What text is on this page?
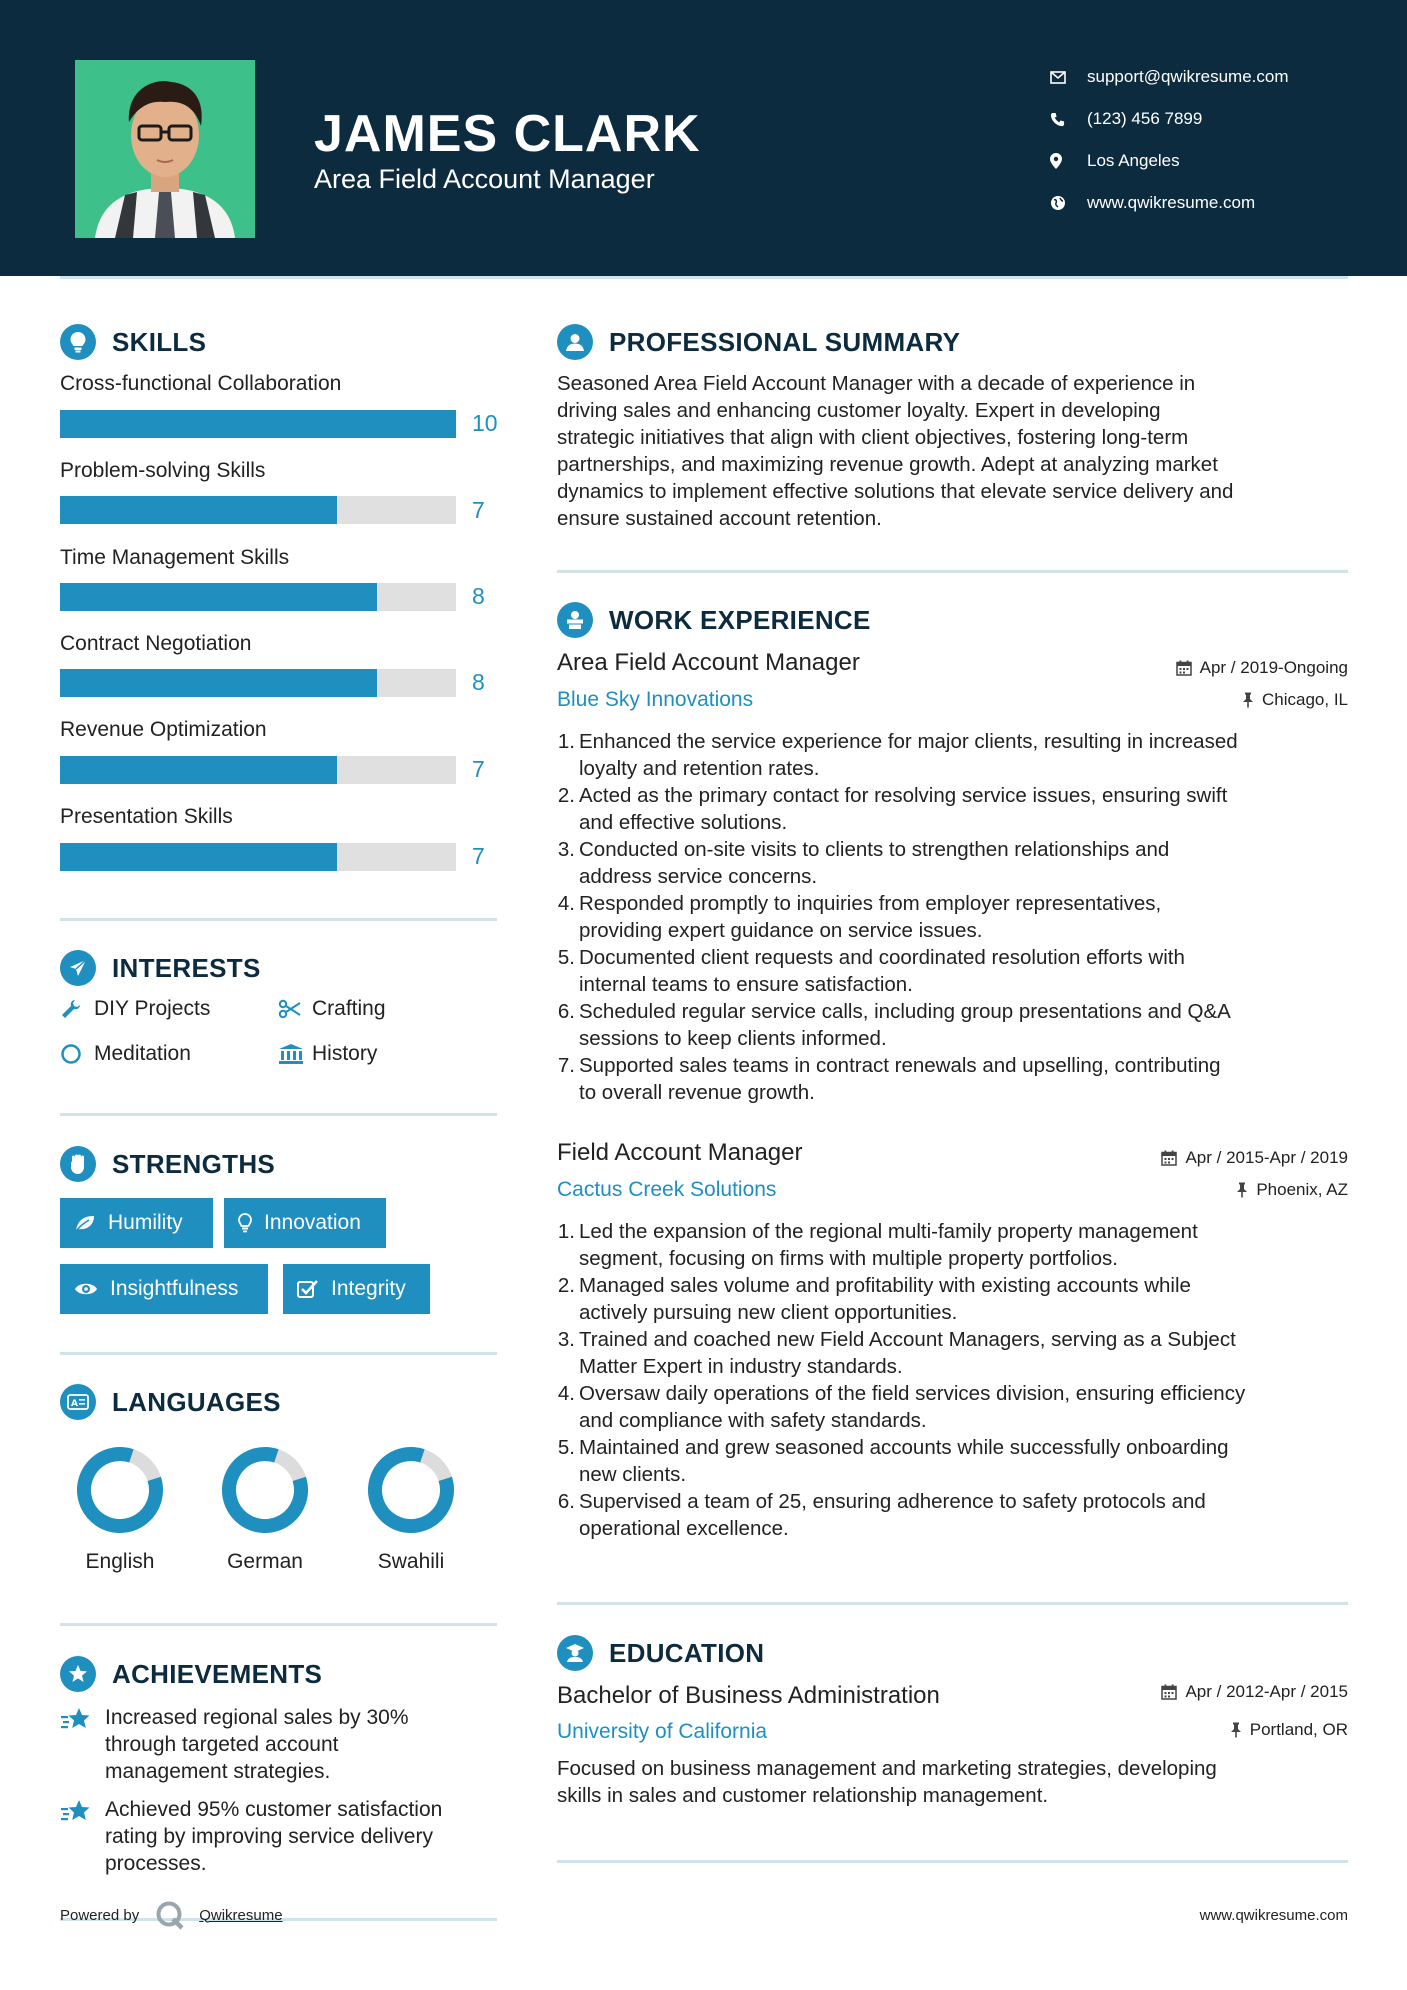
JAMES CLARK
Area Field Account Manager
support@qwikresume.com
(123) 456 7899
Los Angeles
www.qwikresume.com
SKILLS
Cross-functional Collaboration
10
Problem-solving Skills
7
Time Management Skills
8
Contract Negotiation
8
Revenue Optimization
7
Presentation Skills
7
INTERESTS
DIY Projects	Crafting
Meditation	History
STRENGTHS
Humility	Innovation
Insightfulness	Integrity
A LANGUAGES
English	German	Swahili
ACHIEVEMENTS
Increased regional sales by 30%
through targeted account
management strategies.
Achieved 95% customer satisfaction
rating by improving service delivery
processes.
PROFESSIONAL SUMMARY
Seasoned Area Field Account Manager with a decade of experience in
driving sales and enhancing customer loyalty. Expert in developing
strategic initiatives that align with client objectives, fostering long-term
partnerships, and maximizing revenue growth. Adept at analyzing market
dynamics to implement effective solutions that elevate service delivery and
ensure sustained account retention.
WORK EXPERIENCE
Area Field Account Manager	Apr / 2019-Ongoing
Blue Sky Innovations	Chicago, IL
1. Enhanced the service experience for major clients, resulting in increased
loyalty and retention rates.
2. Acted as the primary contact for resolving service issues, ensuring swift
and effective solutions.
3. Conducted on-site visits to clients to strengthen relationships and
address service concerns.
4. Responded promptly to inquiries from employer representatives,
providing expert guidance on service issues.
5. Documented client requests and coordinated resolution efforts with
internal teams to ensure satisfaction.
6. Scheduled regular service calls, including group presentations and Q&A
sessions to keep clients informed.
7. Supported sales teams in contract renewals and upselling, contributing
to overall revenue growth.
Field Account Manager	Apr / 2015-Apr / 2019
Cactus Creek Solutions	Phoenix, AZ
1. Led the expansion of the regional multi-family property management
segment, focusing on firms with multiple property portfolios.
2. Managed sales volume and profitability with existing accounts while
actively pursuing new client opportunities.
3. Trained and coached new Field Account Managers, serving as a Subject
Matter Expert in industry standards.
4. Oversaw daily operations of the field services division, ensuring efficiency
and compliance with safety standards.
5. Maintained and grew seasoned accounts while successfully onboarding
new clients.
6. Supervised a team of 25, ensuring adherence to safety protocols and
operational excellence.
EDUCATION
Bachelor of Business Administration	Apr / 2012-Apr / 2015
University of California	Portland, OR
Focused on business management and marketing strategies, developing
skills in sales and customer relationship management.
Powered by	Qwikresume	www.qwikresume.com
